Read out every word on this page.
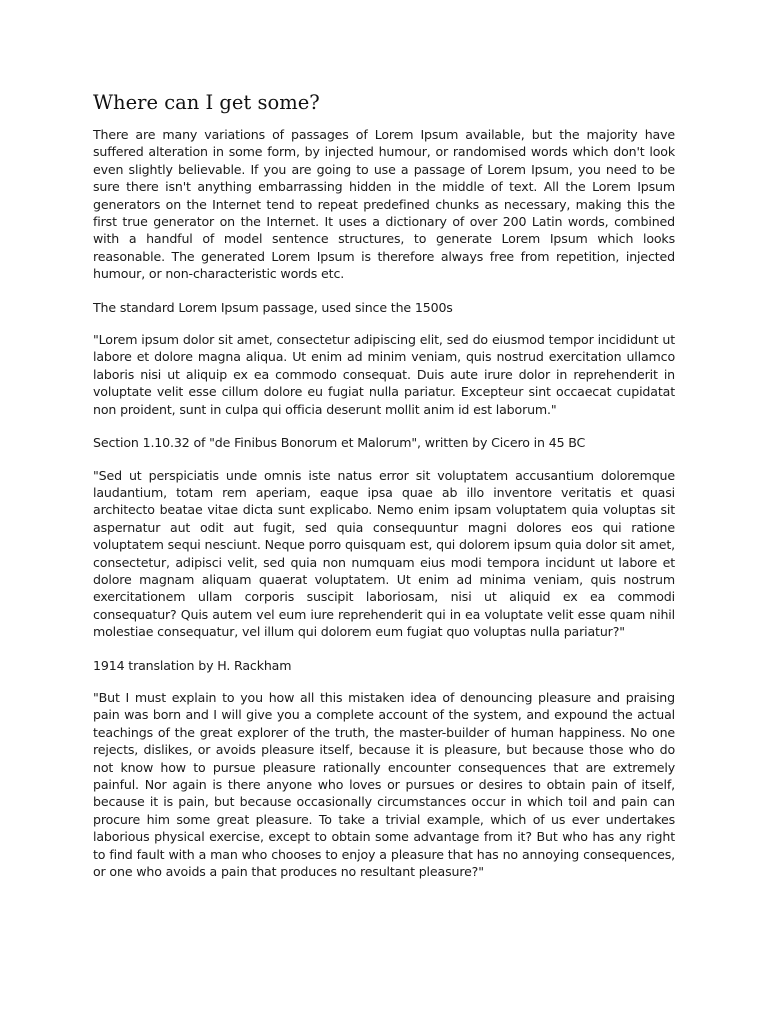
Where can I get some?

There are many variations of passages of Lorem Ipsum available, but the majority have suffered alteration in some form, by injected humour, or randomised words which don't look even slightly believable. If you are going to use a passage of Lorem Ipsum, you need to be sure there isn't anything embarrassing hidden in the middle of text. All the Lorem Ipsum generators on the Internet tend to repeat predefined chunks as necessary, making this the first true generator on the Internet. It uses a dictionary of over 200 Latin words, combined with a handful of model sentence structures, to generate Lorem Ipsum which looks reasonable. The generated Lorem Ipsum is therefore always free from repetition, injected humour, or non-characteristic words etc.

The standard Lorem Ipsum passage, used since the 1500s

"Lorem ipsum dolor sit amet, consectetur adipiscing elit, sed do eiusmod tempor incididunt ut labore et dolore magna aliqua. Ut enim ad minim veniam, quis nostrud exercitation ullamco laboris nisi ut aliquip ex ea commodo consequat. Duis aute irure dolor in reprehenderit in voluptate velit esse cillum dolore eu fugiat nulla pariatur. Excepteur sint occaecat cupidatat non proident, sunt in culpa qui officia deserunt mollit anim id est laborum."

Section 1.10.32 of "de Finibus Bonorum et Malorum", written by Cicero in 45 BC

"Sed ut perspiciatis unde omnis iste natus error sit voluptatem accusantium doloremque laudantium, totam rem aperiam, eaque ipsa quae ab illo inventore veritatis et quasi architecto beatae vitae dicta sunt explicabo. Nemo enim ipsam voluptatem quia voluptas sit aspernatur aut odit aut fugit, sed quia consequuntur magni dolores eos qui ratione voluptatem sequi nesciunt. Neque porro quisquam est, qui dolorem ipsum quia dolor sit amet, consectetur, adipisci velit, sed quia non numquam eius modi tempora incidunt ut labore et dolore magnam aliquam quaerat voluptatem. Ut enim ad minima veniam, quis nostrum exercitationem ullam corporis suscipit laboriosam, nisi ut aliquid ex ea commodi consequatur? Quis autem vel eum iure reprehenderit qui in ea voluptate velit esse quam nihil molestiae consequatur, vel illum qui dolorem eum fugiat quo voluptas nulla pariatur?"

1914 translation by H. Rackham

"But I must explain to you how all this mistaken idea of denouncing pleasure and praising pain was born and I will give you a complete account of the system, and expound the actual teachings of the great explorer of the truth, the master-builder of human happiness. No one rejects, dislikes, or avoids pleasure itself, because it is pleasure, but because those who do not know how to pursue pleasure rationally encounter consequences that are extremely painful. Nor again is there anyone who loves or pursues or desires to obtain pain of itself, because it is pain, but because occasionally circumstances occur in which toil and pain can procure him some great pleasure. To take a trivial example, which of us ever undertakes laborious physical exercise, except to obtain some advantage from it? But who has any right to find fault with a man who chooses to enjoy a pleasure that has no annoying consequences, or one who avoids a pain that produces no resultant pleasure?"
